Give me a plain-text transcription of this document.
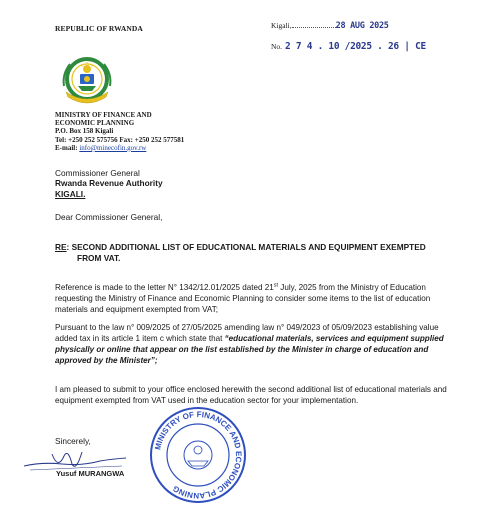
REPUBLIC OF RWANDA	Kigali,	28 AUG 2025
No. 2 7 4 . 10 /2025 . 26 | CE
MINISTRY OF FINANCE AND
ECONOMIC PLANNING
P.O. Box 158 Kigali
Tel: +250 252 575756 Fax: +250 252 577581
E-mail: info@minecofin.gov.rw
Commissioner General
Rwanda Revenue Authority
KIGALI.
Dear Commissioner General,
RE: SECOND ADDITIONAL LIST OF EDUCATIONAL MATERIALS AND EQUIPMENT EXEMPTED
FROM VAT.
Reference is made to the letter N° 1342/12.01/2025 dated 21st July, 2025 from the Ministry of Education requesting the Ministry of Finance and Economic Planning to consider some items to the list of education materials and equipment exempted from VAT;
Pursuant to the law n° 009/2025 of 27/05/2025 amending law n° 049/2023 of 05/09/2023 establishing value added tax in its article 1 item c which state that “educational materials, services and equipment supplied physically or online that appear on the list established by the Minister in charge of education and approved by the Minister”;
I am pleased to submit to your office enclosed herewith the second additional list of educational materials and equipment exempted from VAT used in the education sector for your implementation.
Sincerely,
Yusuf MURANGWA
MINISTRY OF FINANCE AND ECONOMIC PLANNING
